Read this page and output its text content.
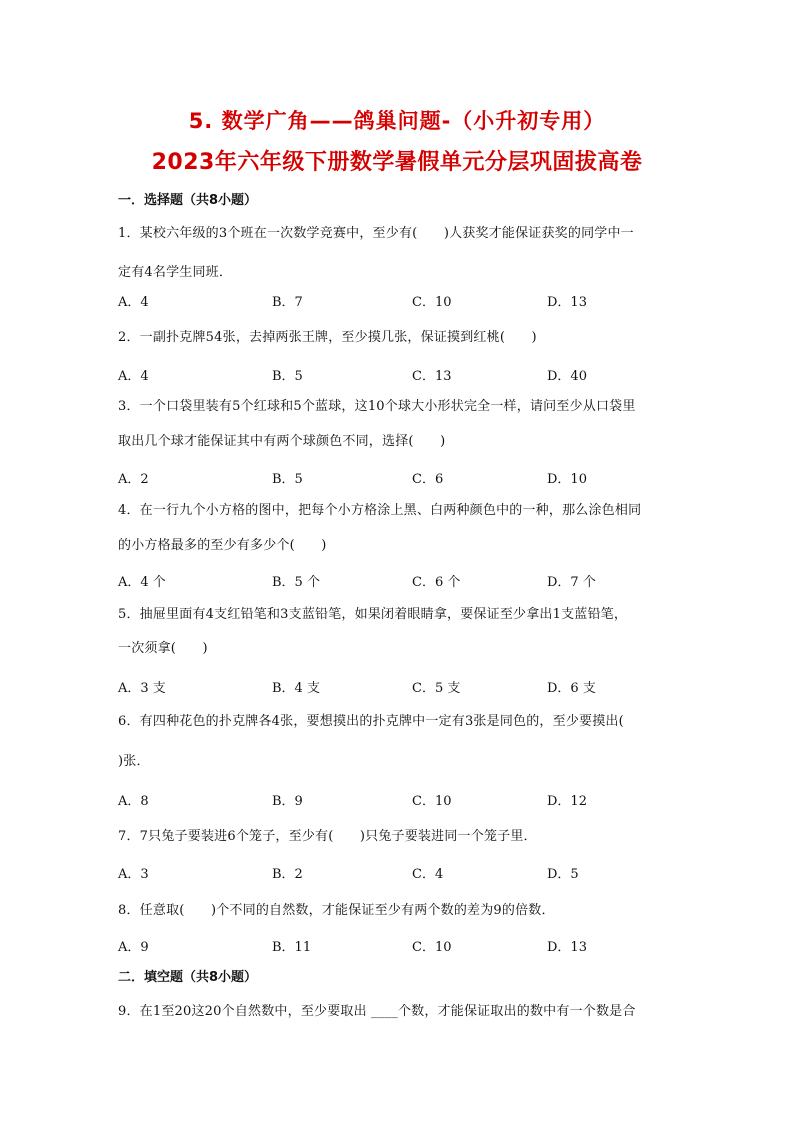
5. 数学广角——鸽巢问题-（小升初专用）
2023年六年级下册数学暑假单元分层巩固拔高卷
一．选择题（共8小题）
1．某校六年级的3个班在一次数学竞赛中，至少有(　　)人获奖才能保证获奖的同学中一
定有4名学生同班．
A．4	B．7	C．10	D．13
2．一副扑克牌54张，去掉两张王牌，至少摸几张，保证摸到红桃(　　)
A．4	B．5	C．13	D．40
3．一个口袋里装有5个红球和5个蓝球，这10个球大小形状完全一样，请问至少从口袋里
取出几个球才能保证其中有两个球颜色不同，选择(　　)
A．2	B．5	C．6	D．10
4．在一行九个小方格的图中，把每个小方格涂上黑、白两种颜色中的一种，那么涂色相同
的小方格最多的至少有多少个(　　)
A．4 个	B．5 个	C．6 个	D．7 个
5．抽屉里面有4支红铅笔和3支蓝铅笔，如果闭着眼睛拿，要保证至少拿出1支蓝铅笔，
一次须拿(　　)
A．3 支	B．4 支	C．5 支	D．6 支
6．有四种花色的扑克牌各4张，要想摸出的扑克牌中一定有3张是同色的，至少要摸出(
)张．
A．8	B．9	C．10	D．12
7．7只兔子要装进6个笼子，至少有(　　)只兔子要装进同一个笼子里．
A．3	B．2	C．4	D．5
8．任意取(　　)个不同的自然数，才能保证至少有两个数的差为9的倍数．
A．9	B．11	C．10	D．13
二．填空题（共8小题）
9．在1至20这20个自然数中，至少要取出 ____个数，才能保证取出的数中有一个数是合
